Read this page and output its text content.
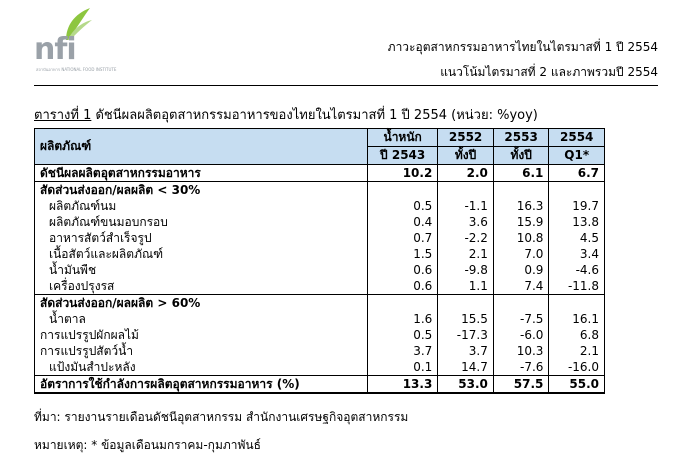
nfi
สถาบันอาหาร NATIONAL FOOD INSTITUTE
ภาวะอุตสาหกรรมอาหารไทยในไตรมาสที่ 1 ปี 2554
แนวโน้มไตรมาสที่ 2 และภาพรวมปี 2554
ตารางที่ 1 ดัชนีผลผลิตอุตสาหกรรมอาหารของไทยในไตรมาสที่ 1 ปี 2554 (หน่วย: %yoy)
ผลิตภัณฑ์	น้ำหนัก	2552	2553	2554
	ปี 2543	ทั้งปี	ทั้งปี	Q1*
ดัชนีผลผลิตอุตสาหกรรมอาหาร	10.2	2.0	6.1	6.7
สัดส่วนส่งออก/ผลผลิต < 30%				
ผลิตภัณฑ์นม	0.5	-1.1	16.3	19.7
ผลิตภัณฑ์ขนมอบกรอบ	0.4	3.6	15.9	13.8
อาหารสัตว์สำเร็จรูป	0.7	-2.2	10.8	4.5
เนื้อสัตว์และผลิตภัณฑ์	1.5	2.1	7.0	3.4
น้ำมันพืช	0.6	-9.8	0.9	-4.6
เครื่องปรุงรส	0.6	1.1	7.4	-11.8
สัดส่วนส่งออก/ผลผลิต > 60%				
น้ำตาล	1.6	15.5	-7.5	16.1
การแปรรูปผักผลไม้	0.5	-17.3	-6.0	6.8
การแปรรูปสัตว์น้ำ	3.7	3.7	10.3	2.1
แป้งมันสำปะหลัง	0.1	14.7	-7.6	-16.0
อัตราการใช้กำลังการผลิตอุตสาหกรรมอาหาร (%)	13.3	53.0	57.5	55.0
ที่มา: รายงานรายเดือนดัชนีอุตสาหกรรม สำนักงานเศรษฐกิจอุตสาหกรรม
หมายเหตุ: * ข้อมูลเดือนมกราคม-กุมภาพันธ์
